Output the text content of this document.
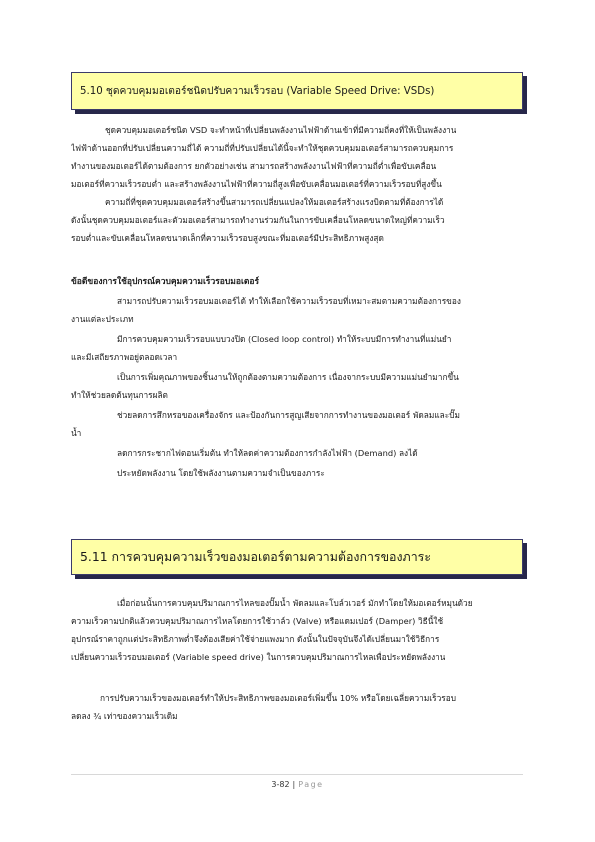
5.10 ชุดควบคุมมอเตอร์ชนิดปรับความเร็วรอบ (Variable Speed Drive: VSDs)

ชุดควบคุมมอเตอร์ชนิด VSD จะทำหน้าที่เปลี่ยนพลังงานไฟฟ้าด้านเข้าที่มีความถี่คงที่ให้เป็นพลังงาน

ไฟฟ้าด้านออกที่ปรับเปลี่ยนความถี่ได้ ความถี่ที่ปรับเปลี่ยนได้นี้จะทำให้ชุดควบคุมมอเตอร์สามารถควบคุมการ

ทำงานของมอเตอร์ได้ตามต้องการ ยกตัวอย่างเช่น สามารถสร้างพลังงานไฟฟ้าที่ความถี่ต่ำเพื่อขับเคลื่อน

มอเตอร์ที่ความเร็วรอบต่ำ และสร้างพลังงานไฟฟ้าที่ความถี่สูงเพื่อขับเคลื่อนมอเตอร์ที่ความเร็วรอบที่สูงขึ้น

ความถี่ที่ชุดควบคุมมอเตอร์สร้างขึ้นสามารถเปลี่ยนแปลงให้มอเตอร์สร้างแรงบิดตามที่ต้องการได้

ดังนั้นชุดควบคุมมอเตอร์และตัวมอเตอร์สามารถทำงานร่วมกันในการขับเคลื่อนโหลดขนาดใหญ่ที่ความเร็ว

รอบต่ำและขับเคลื่อนโหลดขนาดเล็กที่ความเร็วรอบสูงขณะที่มอเตอร์มีประสิทธิภาพสูงสุด

ข้อดีของการใช้อุปกรณ์ควบคุมความเร็วรอบมอเตอร์

สามารถปรับความเร็วรอบมอเตอร์ได้ ทำให้เลือกใช้ความเร็วรอบที่เหมาะสมตามความต้องการของ

งานแต่ละประเภท

มีการควบคุมความเร็วรอบแบบวงปิด (Closed loop control) ทำให้ระบบมีการทำงานที่แม่นยำ

และมีเสถียรภาพอยู่ตลอดเวลา

เป็นการเพิ่มคุณภาพของชิ้นงานให้ถูกต้องตามความต้องการ เนื่องจากระบบมีความแม่นยำมากขึ้น

ทำให้ช่วยลดต้นทุนการผลิต

ช่วยลดการสึกหรอของเครื่องจักร และป้องกันการสูญเสียจากการทำงานของมอเตอร์ พัดลมและปั๊ม

น้ำ

ลดการกระชากไฟตอนเริ่มต้น ทำให้ลดค่าความต้องการกำลังไฟฟ้า (Demand) ลงได้

ประหยัดพลังงาน โดยใช้พลังงานตามความจำเป็นของภาระ

5.11 การควบคุมความเร็วของมอเตอร์ตามความต้องการของภาระ

เมื่อก่อนนั้นการควบคุมปริมาณการไหลของปั๊มน้ำ พัดลมและโบล์วเวอร์ มักทำโดยให้มอเตอร์หมุนด้วย

ความเร็วตามปกติแล้วควบคุมปริมาณการไหลโดยการใช้วาล์ว (Valve) หรือแดมเปอร์ (Damper) วิธีนี้ใช้

อุปกรณ์ราคาถูกแต่ประสิทธิภาพต่ำจึงต้องเสียค่าใช้จ่ายแพงมาก ดังนั้นในปัจจุบันจึงได้เปลี่ยนมาใช้วิธีการ

เปลี่ยนความเร็วรอบมอเตอร์ (Variable speed drive) ในการควบคุมปริมาณการไหลเพื่อประหยัดพลังงาน

การปรับความเร็วของมอเตอร์ทำให้ประสิทธิภาพของมอเตอร์เพิ่มขึ้น 10% หรือโดยเฉลี่ยความเร็วรอบ

ลดลง ¾ เท่าของความเร็วเดิม

3-82 | Page
